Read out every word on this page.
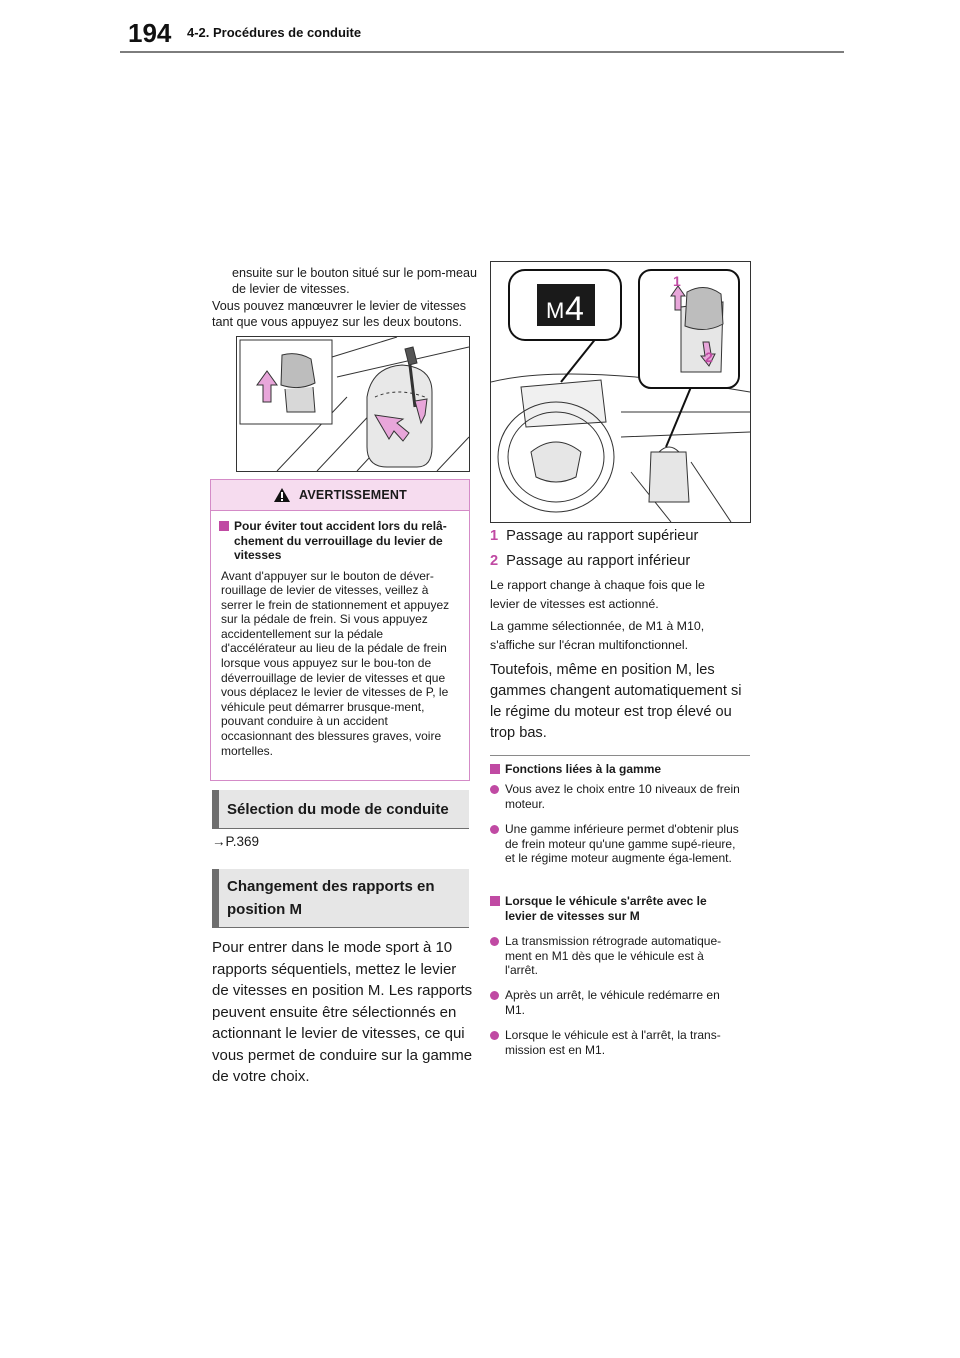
194 4-2. Procédures de conduite
ensuite sur le bouton situé sur le pom-meau de levier de vitesses.
Vous pouvez manœuvrer le levier de vitesses tant que vous appuyez sur les deux boutons.
AVERTISSEMENT
Pour éviter tout accident lors du relâ-chement du verrouillage du levier de vitesses
Avant d'appuyer sur le bouton de déver-rouillage de levier de vitesses, veillez à serrer le frein de stationnement et appuyez sur la pédale de frein. Si vous appuyez accidentellement sur la pédale d'accélérateur au lieu de la pédale de frein lorsque vous appuyez sur le bou-ton de déverrouillage de levier de vitesses et que vous déplacez le levier de vitesses de P, le véhicule peut démarrer brusque-ment, pouvant conduire à un accident occasionnant des blessures graves, voire mortelles.
Sélection du mode de conduite
→P.369
Changement des rapports en position M
Pour entrer dans le mode sport à 10 rapports séquentiels, mettez le levier de vitesses en position M. Les rapports peuvent ensuite être sélectionnés en actionnant le levier de vitesses, ce qui vous permet de conduire sur la gamme de votre choix.
M 4
1
2
1 Passage au rapport supérieur
2 Passage au rapport inférieur
Le rapport change à chaque fois que le levier de vitesses est actionné.
La gamme sélectionnée, de M1 à M10, s'affiche sur l'écran multifonctionnel.
Toutefois, même en position M, les gammes changent automatiquement si le régime du moteur est trop élevé ou trop bas.
Fonctions liées à la gamme
Vous avez le choix entre 10 niveaux de frein moteur.
Une gamme inférieure permet d'obtenir plus de frein moteur qu'une gamme supé-rieure, et le régime moteur augmente éga-lement.
Lorsque le véhicule s'arrête avec le levier de vitesses sur M
La transmission rétrograde automatique-ment en M1 dès que le véhicule est à l'arrêt.
Après un arrêt, le véhicule redémarre en M1.
Lorsque le véhicule est à l'arrêt, la trans-mission est en M1.
